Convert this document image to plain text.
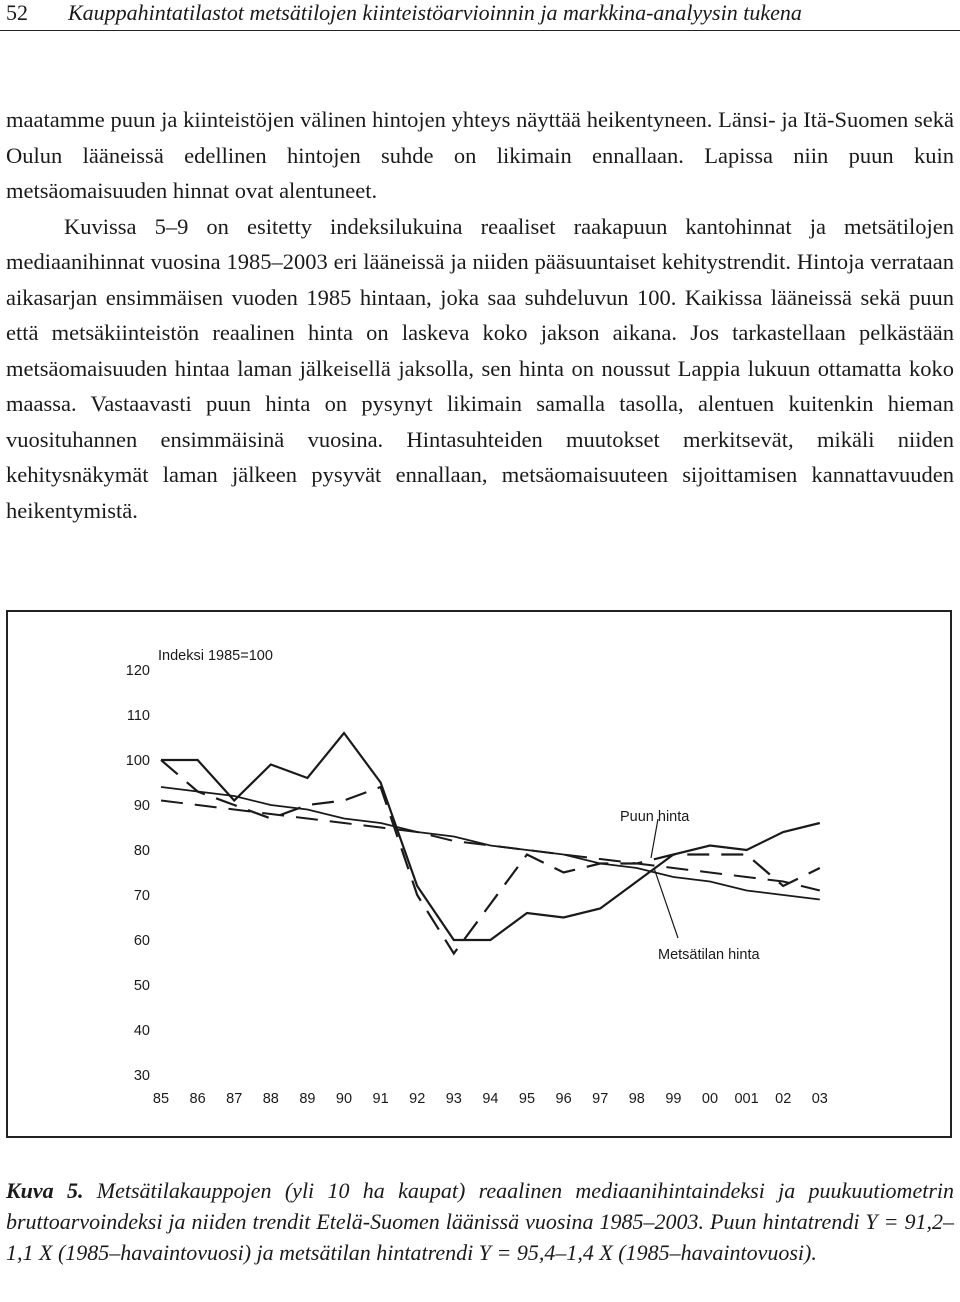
52 Kauppahintatilastot metsätilojen kiinteistöarvioinnin ja markkina-analyysin tukena

maatamme puun ja kiinteistöjen välinen hintojen yhteys näyttää heikentyneen. Länsi- ja Itä-Suomen sekä Oulun lääneissä edellinen hintojen suhde on likimain ennallaan. Lapissa niin puun kuin metsäomaisuuden hinnat ovat alentuneet.

Kuvissa 5–9 on esitetty indeksilukuina reaaliset raakapuun kantohinnat ja metsätilojen mediaanihinnat vuosina 1985–2003 eri lääneissä ja niiden pääsuuntaiset kehitystrendit. Hintoja verrataan aikasarjan ensimmäisen vuoden 1985 hintaan, joka saa suhdeluvun 100. Kaikissa lääneissä sekä puun että metsäkiinteistön reaalinen hinta on laskeva koko jakson aikana. Jos tarkastellaan pelkästään metsäomaisuuden hintaa laman jälkeisellä jaksolla, sen hinta on noussut Lappia lukuun ottamatta koko maassa. Vastaavasti puun hinta on pysynyt likimain samalla tasolla, alentuen kuitenkin hieman vuosituhannen ensimmäisinä vuosina. Hintasuhteiden muutokset merkitsevät, mikäli niiden kehitysnäkymät laman jälkeen pysyvät ennallaan, metsäomaisuuteen sijoittamisen kannattavuuden heikentymistä.

Indeksi 1985=100
30
40
50
60
70
80
90
100
110
120
85 86 87 88 89 90 91 92 93 94 95 96 97 98 99 00 001 02 03
Puun hinta
Metsätilan hinta
Kuva 5. Metsätilakauppojen (yli 10 ha kaupat) reaalinen mediaanihintaindeksi ja puukuutiometrin bruttoarvoindeksi ja niiden trendit Etelä-Suomen läänissä vuosina 1985–2003. Puun hintatrendi Y = 91,2–1,1 X (1985–havaintovuosi) ja metsätilan hintatrendi Y = 95,4–1,4 X (1985–havaintovuosi).
